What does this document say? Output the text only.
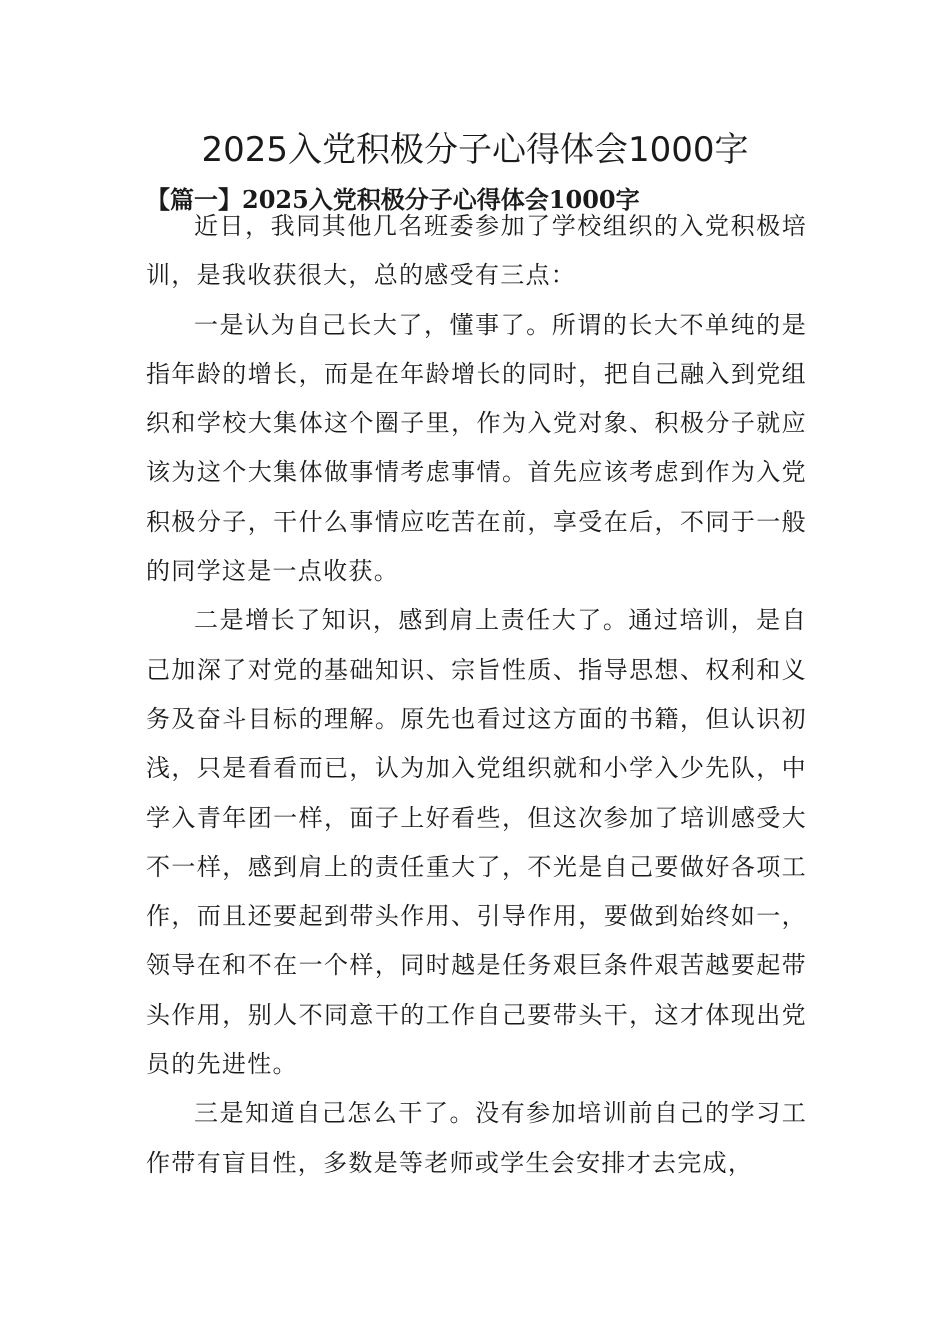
2025入党积极分子心得体会1000字
【篇一】2025入党积极分子心得体会1000字

近日，我同其他几名班委参加了学校组织的入党积极培训，是我收获很大，总的感受有三点：

一是认为自己长大了，懂事了。所谓的长大不单纯的是指年龄的增长，而是在年龄增长的同时，把自己融入到党组织和学校大集体这个圈子里，作为入党对象、积极分子就应该为这个大集体做事情考虑事情。首先应该考虑到作为入党积极分子，干什么事情应吃苦在前，享受在后，不同于一般的同学这是一点收获。

二是增长了知识，感到肩上责任大了。通过培训，是自己加深了对党的基础知识、宗旨性质、指导思想、权利和义务及奋斗目标的理解。原先也看过这方面的书籍，但认识初浅，只是看看而已，认为加入党组织就和小学入少先队，中学入青年团一样，面子上好看些，但这次参加了培训感受大不一样，感到肩上的责任重大了，不光是自己要做好各项工作，而且还要起到带头作用、引导作用，要做到始终如一，领导在和不在一个样，同时越是任务艰巨条件艰苦越要起带头作用，别人不同意干的工作自己要带头干，这才体现出党员的先进性。

三是知道自己怎么干了。没有参加培训前自己的学习工作带有盲目性，多数是等老师或学生会安排才去完成，
